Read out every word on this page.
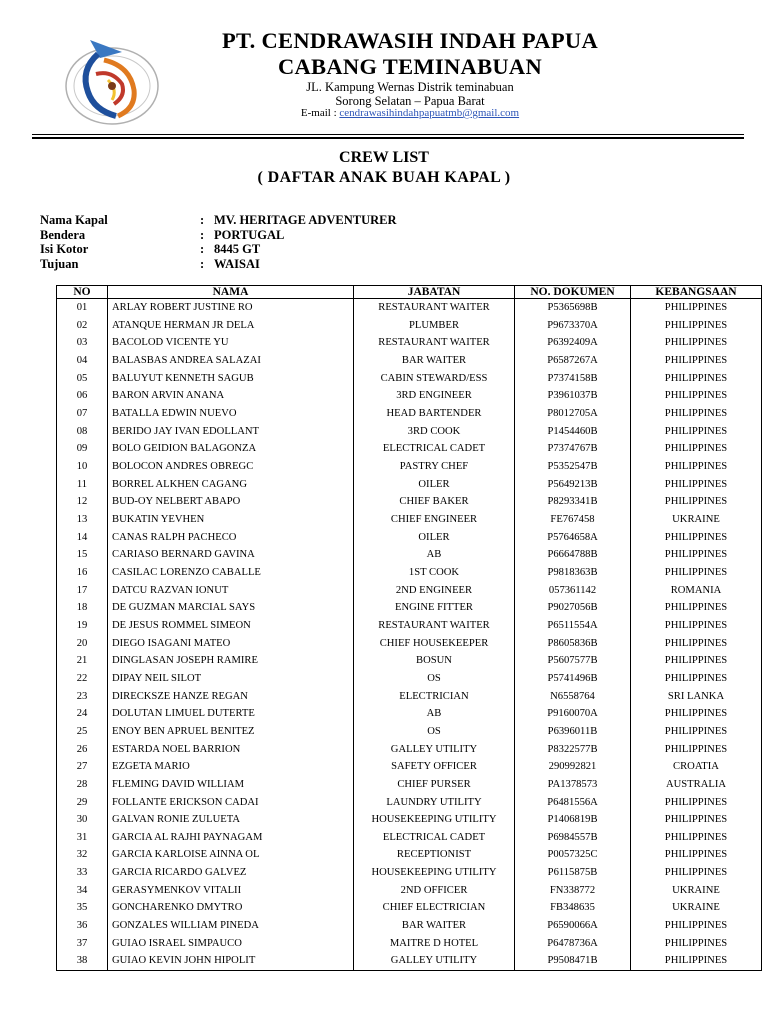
PT. CENDRAWASIH INDAH PAPUA
CABANG TEMINABUAN
JL. Kampung Wernas Distrik teminabuan
Sorong Selatan – Papua Barat
E-mail : cendrawasihindahpapuatmb@gmail.com
CREW LIST
( DAFTAR ANAK BUAH KAPAL )
Nama Kapal	: MV. HERITAGE ADVENTURER
Bendera	: PORTUGAL
Isi Kotor	: 8445 GT
Tujuan	: WAISAI
NO	NAMA	JABATAN	NO. DOKUMEN	KEBANGSAAN
01	ARLAY ROBERT JUSTINE RO	RESTAURANT WAITER	P5365698B	PHILIPPINES
02	ATANQUE HERMAN JR DELA	PLUMBER	P9673370A	PHILIPPINES
03	BACOLOD VICENTE YU	RESTAURANT WAITER	P6392409A	PHILIPPINES
04	BALASBAS ANDREA SALAZAI	BAR WAITER	P6587267A	PHILIPPINES
05	BALUYUT KENNETH SAGUB	CABIN STEWARD/ESS	P7374158B	PHILIPPINES
06	BARON ARVIN ANANA	3RD ENGINEER	P3961037B	PHILIPPINES
07	BATALLA EDWIN NUEVO	HEAD BARTENDER	P8012705A	PHILIPPINES
08	BERIDO JAY IVAN EDOLLANT	3RD COOK	P1454460B	PHILIPPINES
09	BOLO GEIDION BALAGONZA	ELECTRICAL CADET	P7374767B	PHILIPPINES
10	BOLOCON ANDRES OBREGC	PASTRY CHEF	P5352547B	PHILIPPINES
11	BORREL ALKHEN CAGANG	OILER	P5649213B	PHILIPPINES
12	BUD-OY NELBERT ABAPO	CHIEF BAKER	P8293341B	PHILIPPINES
13	BUKATIN YEVHEN	CHIEF ENGINEER	FE767458	UKRAINE
14	CANAS RALPH PACHECO	OILER	P5764658A	PHILIPPINES
15	CARIASO BERNARD GAVINA	AB	P6664788B	PHILIPPINES
16	CASILAC LORENZO CABALLE	1ST COOK	P9818363B	PHILIPPINES
17	DATCU RAZVAN IONUT	2ND ENGINEER	057361142	ROMANIA
18	DE GUZMAN MARCIAL SAYS	ENGINE FITTER	P9027056B	PHILIPPINES
19	DE JESUS ROMMEL SIMEON	RESTAURANT WAITER	P6511554A	PHILIPPINES
20	DIEGO ISAGANI MATEO	CHIEF HOUSEKEEPER	P8605836B	PHILIPPINES
21	DINGLASAN JOSEPH RAMIRE	BOSUN	P5607577B	PHILIPPINES
22	DIPAY NEIL SILOT	OS	P5741496B	PHILIPPINES
23	DIRECKSZE HANZE REGAN	ELECTRICIAN	N6558764	SRI LANKA
24	DOLUTAN LIMUEL DUTERTE	AB	P9160070A	PHILIPPINES
25	ENOY BEN APRUEL BENITEZ	OS	P6396011B	PHILIPPINES
26	ESTARDA NOEL BARRION	GALLEY UTILITY	P8322577B	PHILIPPINES
27	EZGETA MARIO	SAFETY OFFICER	290992821	CROATIA
28	FLEMING DAVID WILLIAM	CHIEF PURSER	PA1378573	AUSTRALIA
29	FOLLANTE ERICKSON CADAI	LAUNDRY UTILITY	P6481556A	PHILIPPINES
30	GALVAN RONIE ZULUETA	HOUSEKEEPING UTILITY	P1406819B	PHILIPPINES
31	GARCIA AL RAJHI PAYNAGAM	ELECTRICAL CADET	P6984557B	PHILIPPINES
32	GARCIA KARLOISE AINNA OL	RECEPTIONIST	P0057325C	PHILIPPINES
33	GARCIA RICARDO GALVEZ	HOUSEKEEPING UTILITY	P6115875B	PHILIPPINES
34	GERASYMENKOV VITALII	2ND OFFICER	FN338772	UKRAINE
35	GONCHARENKO DMYTRO	CHIEF ELECTRICIAN	FB348635	UKRAINE
36	GONZALES WILLIAM PINEDA	BAR WAITER	P6590066A	PHILIPPINES
37	GUIAO ISRAEL SIMPAUCO	MAITRE D HOTEL	P6478736A	PHILIPPINES
38	GUIAO KEVIN JOHN HIPOLIT	GALLEY UTILITY	P9508471B	PHILIPPINES
